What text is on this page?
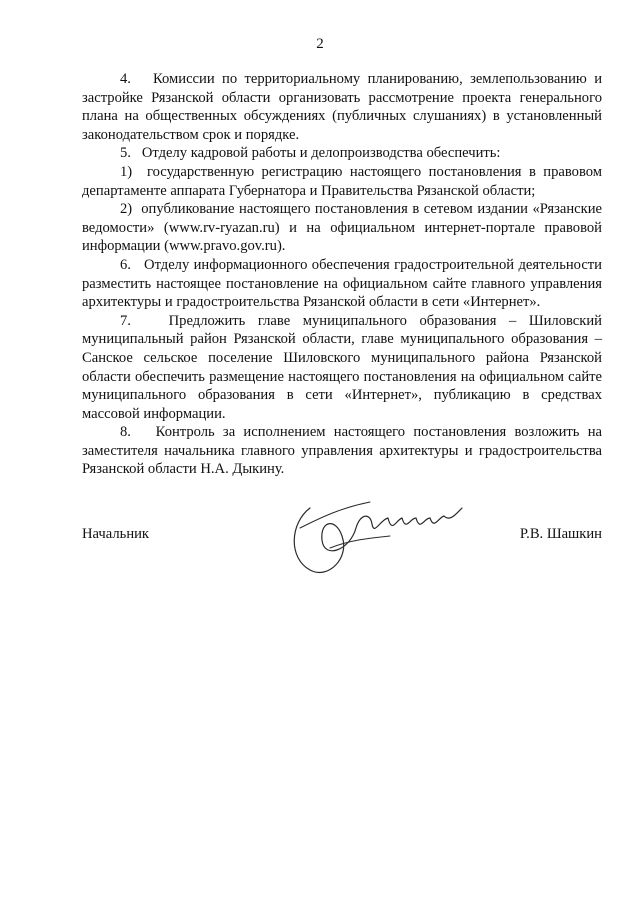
2

4.   Комиссии по территориальному планированию, землепользованию и застройке Рязанской области организовать рассмотрение проекта генерального плана на общественных обсуждениях (публичных слушаниях) в установленный законодательством срок и порядке.

5.   Отделу кадровой работы и делопроизводства обеспечить:

1)  государственную регистрацию настоящего постановления в правовом департаменте аппарата Губернатора и Правительства Рязанской области;

2)  опубликование настоящего постановления в сетевом издании «Рязанские ведомости» (www.rv-ryazan.ru) и на официальном интернет-портале правовой информации (www.pravo.gov.ru).

6.   Отделу информационного обеспечения градостроительной деятельности разместить настоящее постановление на официальном сайте главного управления архитектуры и градостроительства Рязанской области в сети «Интернет».

7.   Предложить главе муниципального образования – Шиловский муниципальный район Рязанской области, главе муниципального образования – Санское сельское поселение Шиловского муниципального района Рязанской области обеспечить размещение настоящего постановления на официальном сайте муниципального образования в сети «Интернет», публикацию в средствах массовой информации.

8.   Контроль за исполнением настоящего постановления возложить на заместителя начальника главного управления архитектуры и градостроительства Рязанской области Н.А. Дыкину.

Начальник	Р.В. Шашкин
